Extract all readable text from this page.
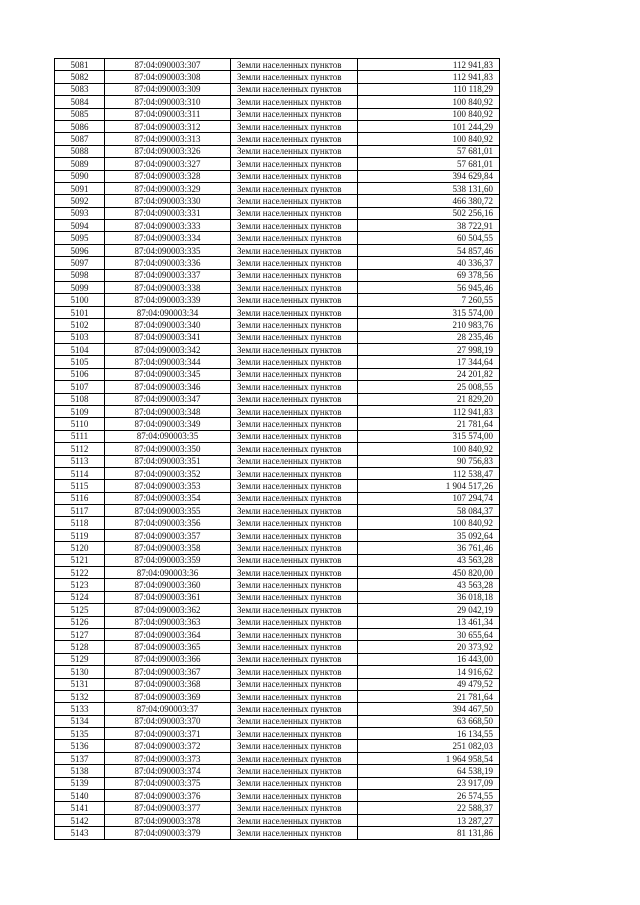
5081	87:04:090003:307	Земли населенных пунктов	112 941,83
5082	87:04:090003:308	Земли населенных пунктов	112 941,83
5083	87:04:090003:309	Земли населенных пунктов	110 118,29
5084	87:04:090003:310	Земли населенных пунктов	100 840,92
5085	87:04:090003:311	Земли населенных пунктов	100 840,92
5086	87:04:090003:312	Земли населенных пунктов	101 244,29
5087	87:04:090003:313	Земли населенных пунктов	100 840,92
5088	87:04:090003:326	Земли населенных пунктов	57 681,01
5089	87:04:090003:327	Земли населенных пунктов	57 681,01
5090	87:04:090003:328	Земли населенных пунктов	394 629,84
5091	87:04:090003:329	Земли населенных пунктов	538 131,60
5092	87:04:090003:330	Земли населенных пунктов	466 380,72
5093	87:04:090003:331	Земли населенных пунктов	502 256,16
5094	87:04:090003:333	Земли населенных пунктов	38 722,91
5095	87:04:090003:334	Земли населенных пунктов	60 504,55
5096	87:04:090003:335	Земли населенных пунктов	54 857,46
5097	87:04:090003:336	Земли населенных пунктов	40 336,37
5098	87:04:090003:337	Земли населенных пунктов	69 378,56
5099	87:04:090003:338	Земли населенных пунктов	56 945,46
5100	87:04:090003:339	Земли населенных пунктов	7 260,55
5101	87:04:090003:34	Земли населенных пунктов	315 574,00
5102	87:04:090003:340	Земли населенных пунктов	210 983,76
5103	87:04:090003:341	Земли населенных пунктов	28 235,46
5104	87:04:090003:342	Земли населенных пунктов	27 998,19
5105	87:04:090003:344	Земли населенных пунктов	17 344,64
5106	87:04:090003:345	Земли населенных пунктов	24 201,82
5107	87:04:090003:346	Земли населенных пунктов	25 008,55
5108	87:04:090003:347	Земли населенных пунктов	21 829,20
5109	87:04:090003:348	Земли населенных пунктов	112 941,83
5110	87:04:090003:349	Земли населенных пунктов	21 781,64
5111	87:04:090003:35	Земли населенных пунктов	315 574,00
5112	87:04:090003:350	Земли населенных пунктов	100 840,92
5113	87:04:090003:351	Земли населенных пунктов	90 756,83
5114	87:04:090003:352	Земли населенных пунктов	112 538,47
5115	87:04:090003:353	Земли населенных пунктов	1 904 517,26
5116	87:04:090003:354	Земли населенных пунктов	107 294,74
5117	87:04:090003:355	Земли населенных пунктов	58 084,37
5118	87:04:090003:356	Земли населенных пунктов	100 840,92
5119	87:04:090003:357	Земли населенных пунктов	35 092,64
5120	87:04:090003:358	Земли населенных пунктов	36 761,46
5121	87:04:090003:359	Земли населенных пунктов	43 563,28
5122	87:04:090003:36	Земли населенных пунктов	450 820,00
5123	87:04:090003:360	Земли населенных пунктов	43 563,28
5124	87:04:090003:361	Земли населенных пунктов	36 018,18
5125	87:04:090003:362	Земли населенных пунктов	29 042,19
5126	87:04:090003:363	Земли населенных пунктов	13 461,34
5127	87:04:090003:364	Земли населенных пунктов	30 655,64
5128	87:04:090003:365	Земли населенных пунктов	20 373,92
5129	87:04:090003:366	Земли населенных пунктов	16 443,00
5130	87:04:090003:367	Земли населенных пунктов	14 916,62
5131	87:04:090003:368	Земли населенных пунктов	49 479,52
5132	87:04:090003:369	Земли населенных пунктов	21 781,64
5133	87:04:090003:37	Земли населенных пунктов	394 467,50
5134	87:04:090003:370	Земли населенных пунктов	63 668,50
5135	87:04:090003:371	Земли населенных пунктов	16 134,55
5136	87:04:090003:372	Земли населенных пунктов	251 082,03
5137	87:04:090003:373	Земли населенных пунктов	1 964 958,54
5138	87:04:090003:374	Земли населенных пунктов	64 538,19
5139	87:04:090003:375	Земли населенных пунктов	23 917,09
5140	87:04:090003:376	Земли населенных пунктов	26 574,55
5141	87:04:090003:377	Земли населенных пунктов	22 588,37
5142	87:04:090003:378	Земли населенных пунктов	13 287,27
5143	87:04:090003:379	Земли населенных пунктов	81 131,86
